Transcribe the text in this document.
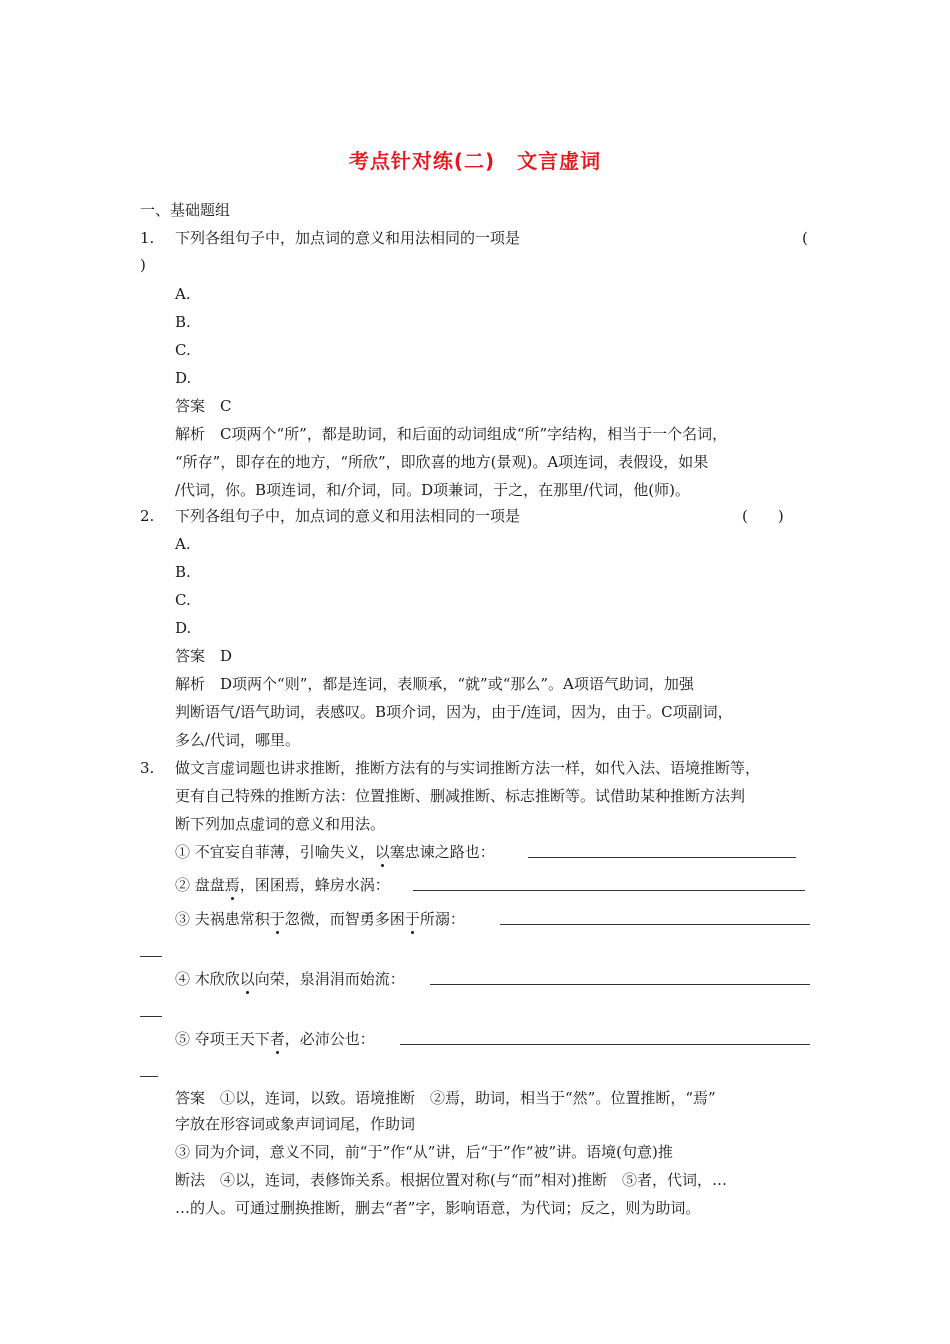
考点针对练(二) 文言虚词
一、基础题组
1. 下列各组句子中，加点词的意义和用法相同的一项是	(
)
A.
B.
C.
D.
答案　C
解析　C项两个“所”，都是助词，和后面的动词组成“所”字结构，相当于一个名词，
“所存”，即存在的地方，“所欣”，即欣喜的地方(景观)。A项连词，表假设，如果
/代词，你。B项连词，和/介词，同。D项兼词，于之，在那里/代词，他(师)。
2. 下列各组句子中，加点词的意义和用法相同的一项是	(　　)
A.
B.
C.
D.
答案　D
解析　D项两个“则”，都是连词，表顺承，“就”或“那么”。A项语气助词，加强
判断语气/语气助词，表感叹。B项介词，因为，由于/连词，因为，由于。C项副词，
多么/代词，哪里。
3. 做文言虚词题也讲求推断，推断方法有的与实词推断方法一样，如代入法、语境推断等，
更有自己特殊的推断方法：位置推断、删减推断、标志推断等。试借助某种推断方法判
断下列加点虚词的意义和用法。
① 不宜妄自菲薄，引喻失义，以塞忠谏之路也：
② 盘盘焉，囷囷焉，蜂房水涡：
③ 夫祸患常积于忽微，而智勇多困于所溺：
④ 木欣欣以向荣，泉涓涓而始流：
⑤ 夺项王天下者，必沛公也：
答案　①以，连词，以致。语境推断　②焉，助词，相当于“然”。位置推断，“焉”
字放在形容词或象声词词尾，作助词
③ 同为介词，意义不同，前“于”作“从”讲，后“于”作“被”讲。语境(句意)推
断法　④以，连词，表修饰关系。根据位置对称(与“而”相对)推断　⑤者，代词，…
…的人。可通过删换推断，删去“者”字，影响语意，为代词；反之，则为助词。
